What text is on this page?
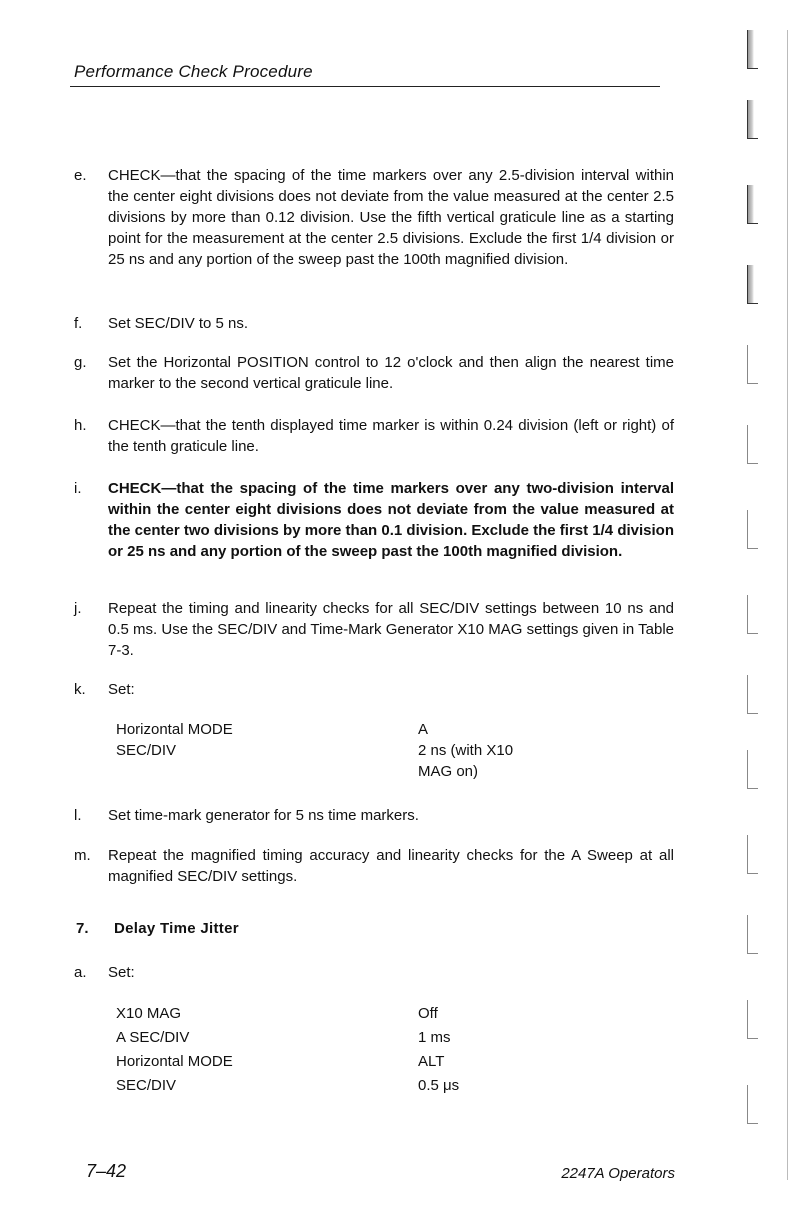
Performance Check Procedure
e. CHECK—that the spacing of the time markers over any 2.5-division interval within the center eight divisions does not deviate from the value measured at the center 2.5 divisions by more than 0.12 division. Use the fifth vertical graticule line as a starting point for the measurement at the center 2.5 divisions. Exclude the first 1/4 division or 25 ns and any portion of the sweep past the 100th magnified division.
f. Set SEC/DIV to 5 ns.
g. Set the Horizontal POSITION control to 12 o'clock and then align the nearest time marker to the second vertical graticule line.
h. CHECK—that the tenth displayed time marker is within 0.24 division (left or right) of the tenth graticule line.
i. CHECK—that the spacing of the time markers over any two-division interval within the center eight divisions does not deviate from the value measured at the center two divisions by more than 0.1 division. Exclude the first 1/4 division or 25 ns and any portion of the sweep past the 100th magnified division.
j. Repeat the timing and linearity checks for all SEC/DIV settings between 10 ns and 0.5 ms. Use the SEC/DIV and Time-Mark Generator X10 MAG settings given in Table 7-3.
k. Set:
Horizontal MODE	A
SEC/DIV	2 ns (with X10 MAG on)
l. Set time-mark generator for 5 ns time markers.
m. Repeat the magnified timing accuracy and linearity checks for the A Sweep at all magnified SEC/DIV settings.
7. Delay Time Jitter
a. Set:
X10 MAG	Off
A SEC/DIV	1 ms
Horizontal MODE	ALT
SEC/DIV	0.5 μs
7–42	2247A Operators
